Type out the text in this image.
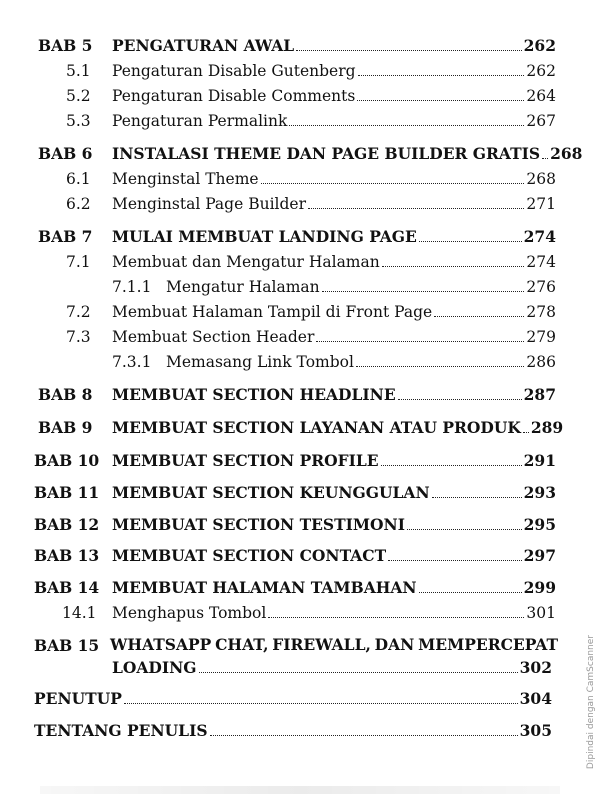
BAB 5 PENGATURAN AWAL	262
5.1 Pengaturan Disable Gutenberg	262
5.2 Pengaturan Disable Comments	264
5.3 Pengaturan Permalink	267
BAB 6 INSTALASI THEME DAN PAGE BUILDER GRATIS 268
6.1 Menginstal Theme	268
6.2 Menginstal Page Builder	271
BAB 7 MULAI MEMBUAT LANDING PAGE	274
7.1 Membuat dan Mengatur Halaman	274
7.1.1 Mengatur Halaman	276
7.2 Membuat Halaman Tampil di Front Page	278
7.3 Membuat Section Header	279
7.3.1 Memasang Link Tombol	286
BAB 8 MEMBUAT SECTION HEADLINE	287
BAB 9 MEMBUAT SECTION LAYANAN ATAU PRODUK 289
BAB 10 MEMBUAT SECTION PROFILE	291
BAB 11 MEMBUAT SECTION KEUNGGULAN	293
BAB 12 MEMBUAT SECTION TESTIMONI	295
BAB 13 MEMBUAT SECTION CONTACT	297
BAB 14 MEMBUAT HALAMAN TAMBAHAN	299
14.1 Menghapus Tombol	301
BAB 15 WHATSAPP CHAT, FIREWALL, DAN MEMPERCEPAT
LOADING	302
PENUTUP	304
TENTANG PENULIS	305	Dipindai dengan CamScanner
